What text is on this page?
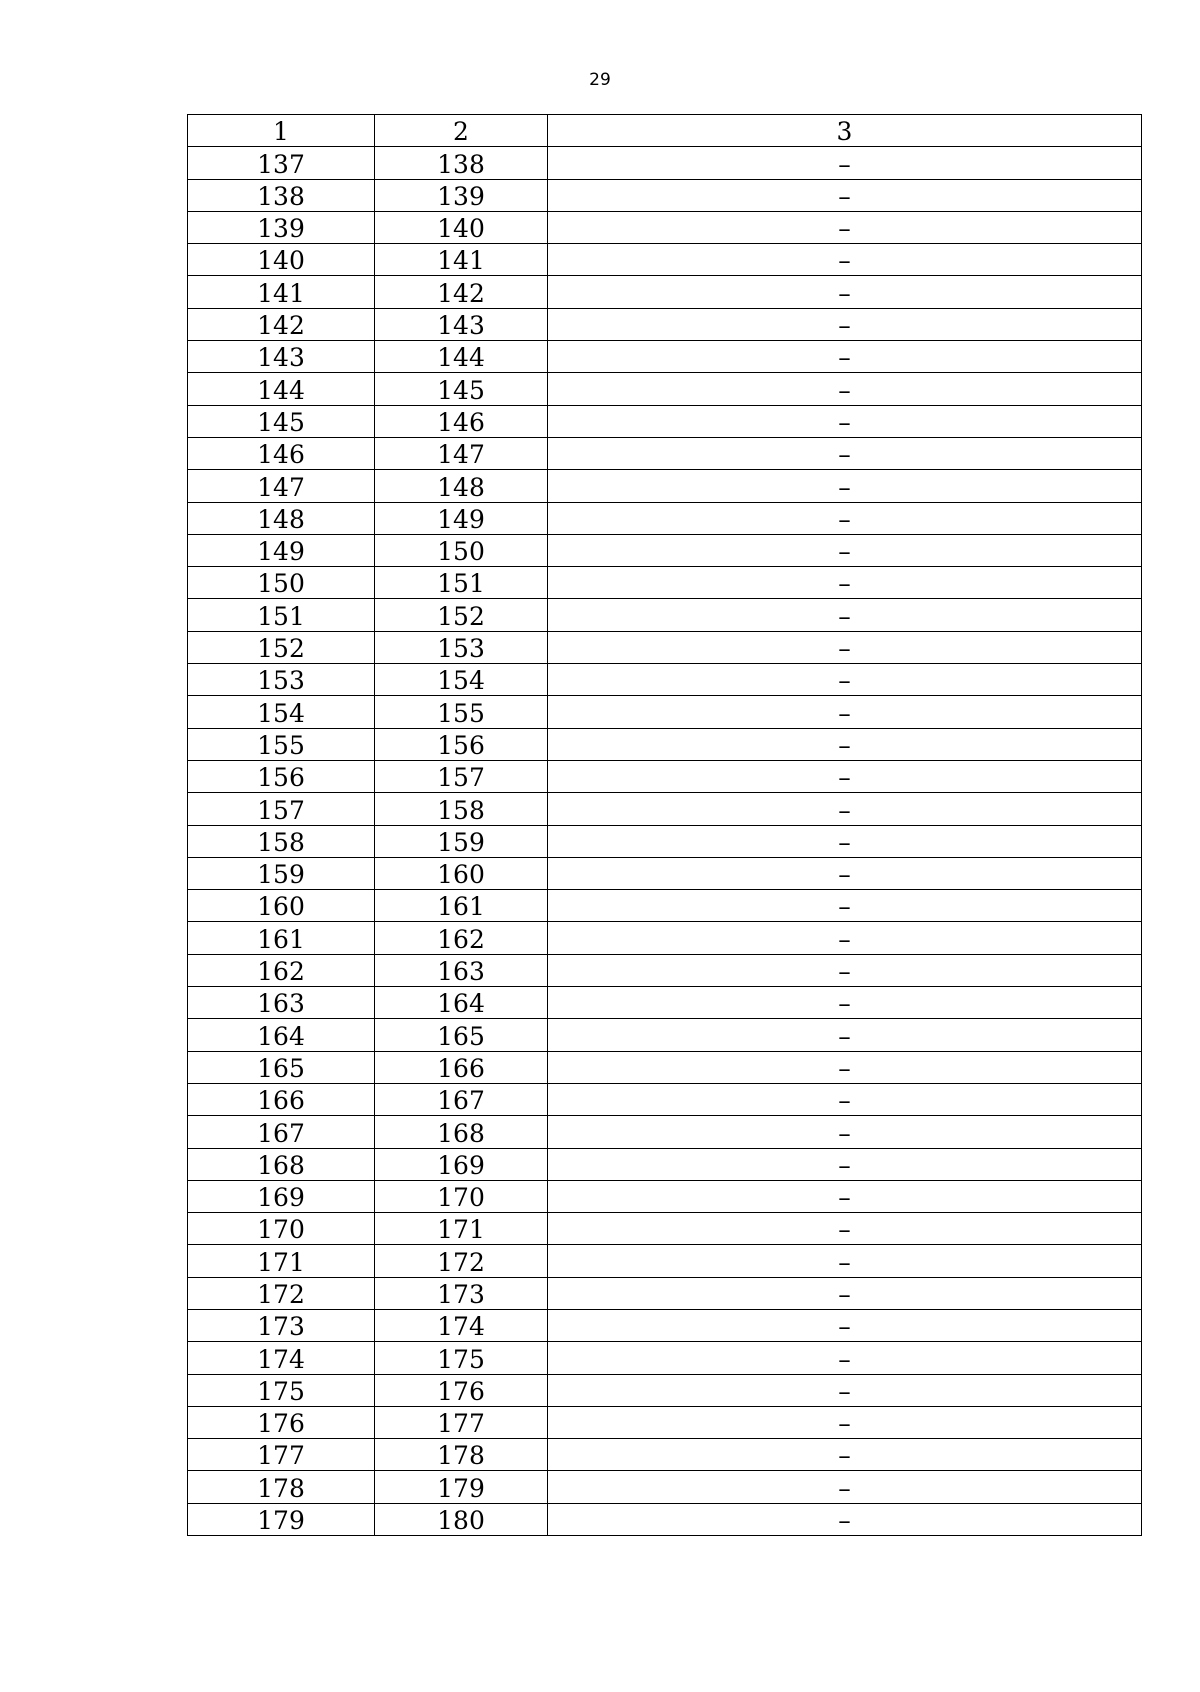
29
1	2	3
137	138	–
138	139	–
139	140	–
140	141	–
141	142	–
142	143	–
143	144	–
144	145	–
145	146	–
146	147	–
147	148	–
148	149	–
149	150	–
150	151	–
151	152	–
152	153	–
153	154	–
154	155	–
155	156	–
156	157	–
157	158	–
158	159	–
159	160	–
160	161	–
161	162	–
162	163	–
163	164	–
164	165	–
165	166	–
166	167	–
167	168	–
168	169	–
169	170	–
170	171	–
171	172	–
172	173	–
173	174	–
174	175	–
175	176	–
176	177	–
177	178	–
178	179	–
179	180	–
